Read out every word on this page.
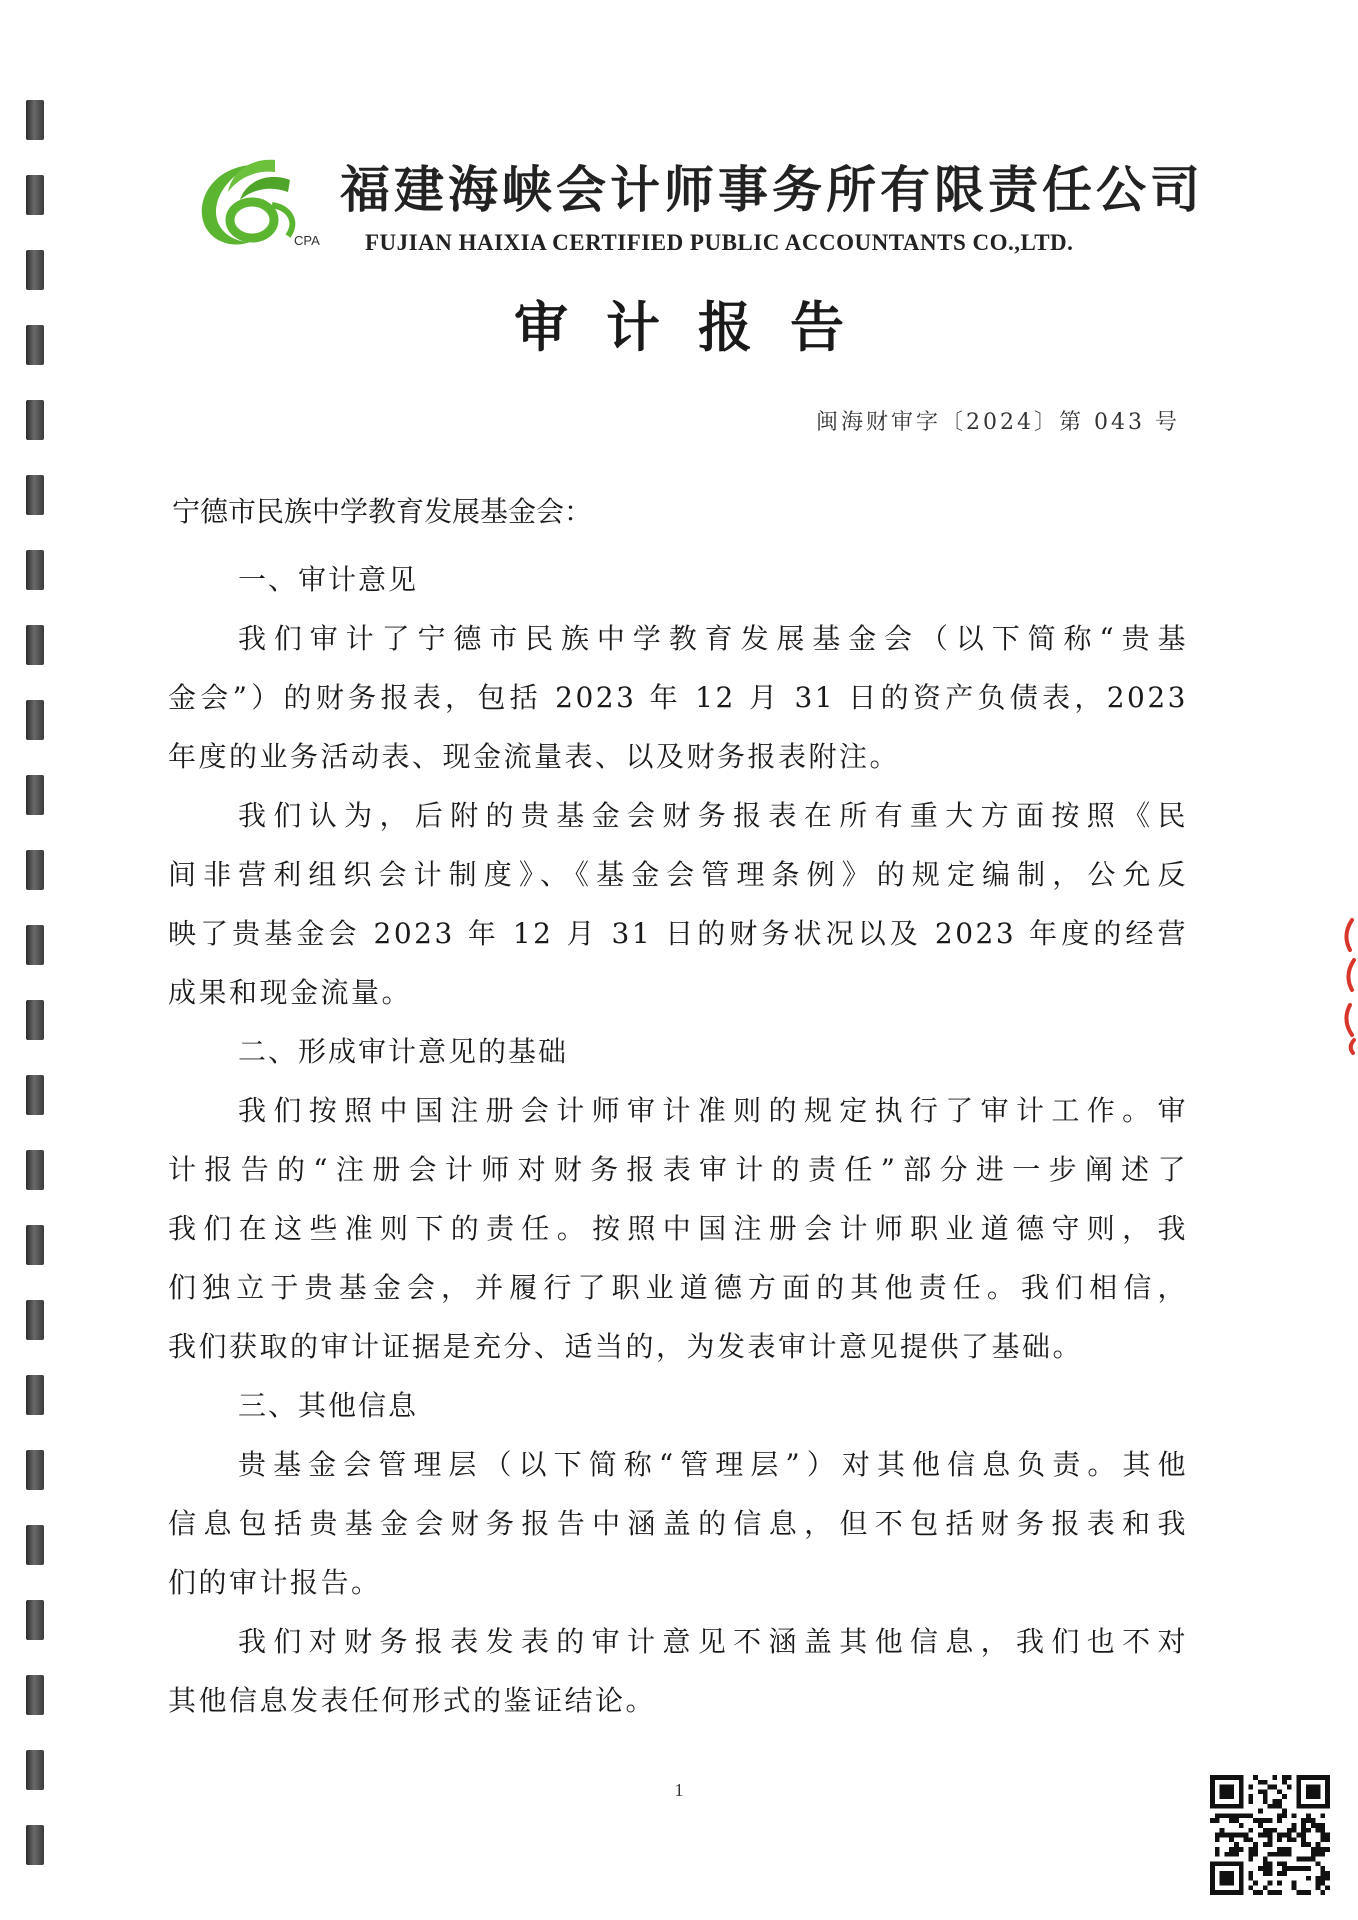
CPA
福建海峡会计师事务所有限责任公司
FUJIAN HAIXIA CERTIFIED PUBLIC ACCOUNTANTS CO.,LTD.
审计报告
闽海财审字〔2024〕第 043 号
宁德市民族中学教育发展基金会：
一、审计意见
我们审计了宁德市民族中学教育发展基金会（以下简称“贵基
金会”）的财务报表，包括 2023 年 12 月 31 日的资产负债表，2023
年度的业务活动表、现金流量表、以及财务报表附注。
我们认为，后附的贵基金会财务报表在所有重大方面按照《民
间非营利组织会计制度》、《基金会管理条例》的规定编制，公允反
映了贵基金会 2023 年 12 月 31 日的财务状况以及 2023 年度的经营
成果和现金流量。
二、形成审计意见的基础
我们按照中国注册会计师审计准则的规定执行了审计工作。审
计报告的“注册会计师对财务报表审计的责任”部分进一步阐述了
我们在这些准则下的责任。按照中国注册会计师职业道德守则，我
们独立于贵基金会，并履行了职业道德方面的其他责任。我们相信，
我们获取的审计证据是充分、适当的，为发表审计意见提供了基础。
三、其他信息
贵基金会管理层（以下简称“管理层”）对其他信息负责。其他
信息包括贵基金会财务报告中涵盖的信息，但不包括财务报表和我
们的审计报告。
我们对财务报表发表的审计意见不涵盖其他信息，我们也不对
其他信息发表任何形式的鉴证结论。
1
